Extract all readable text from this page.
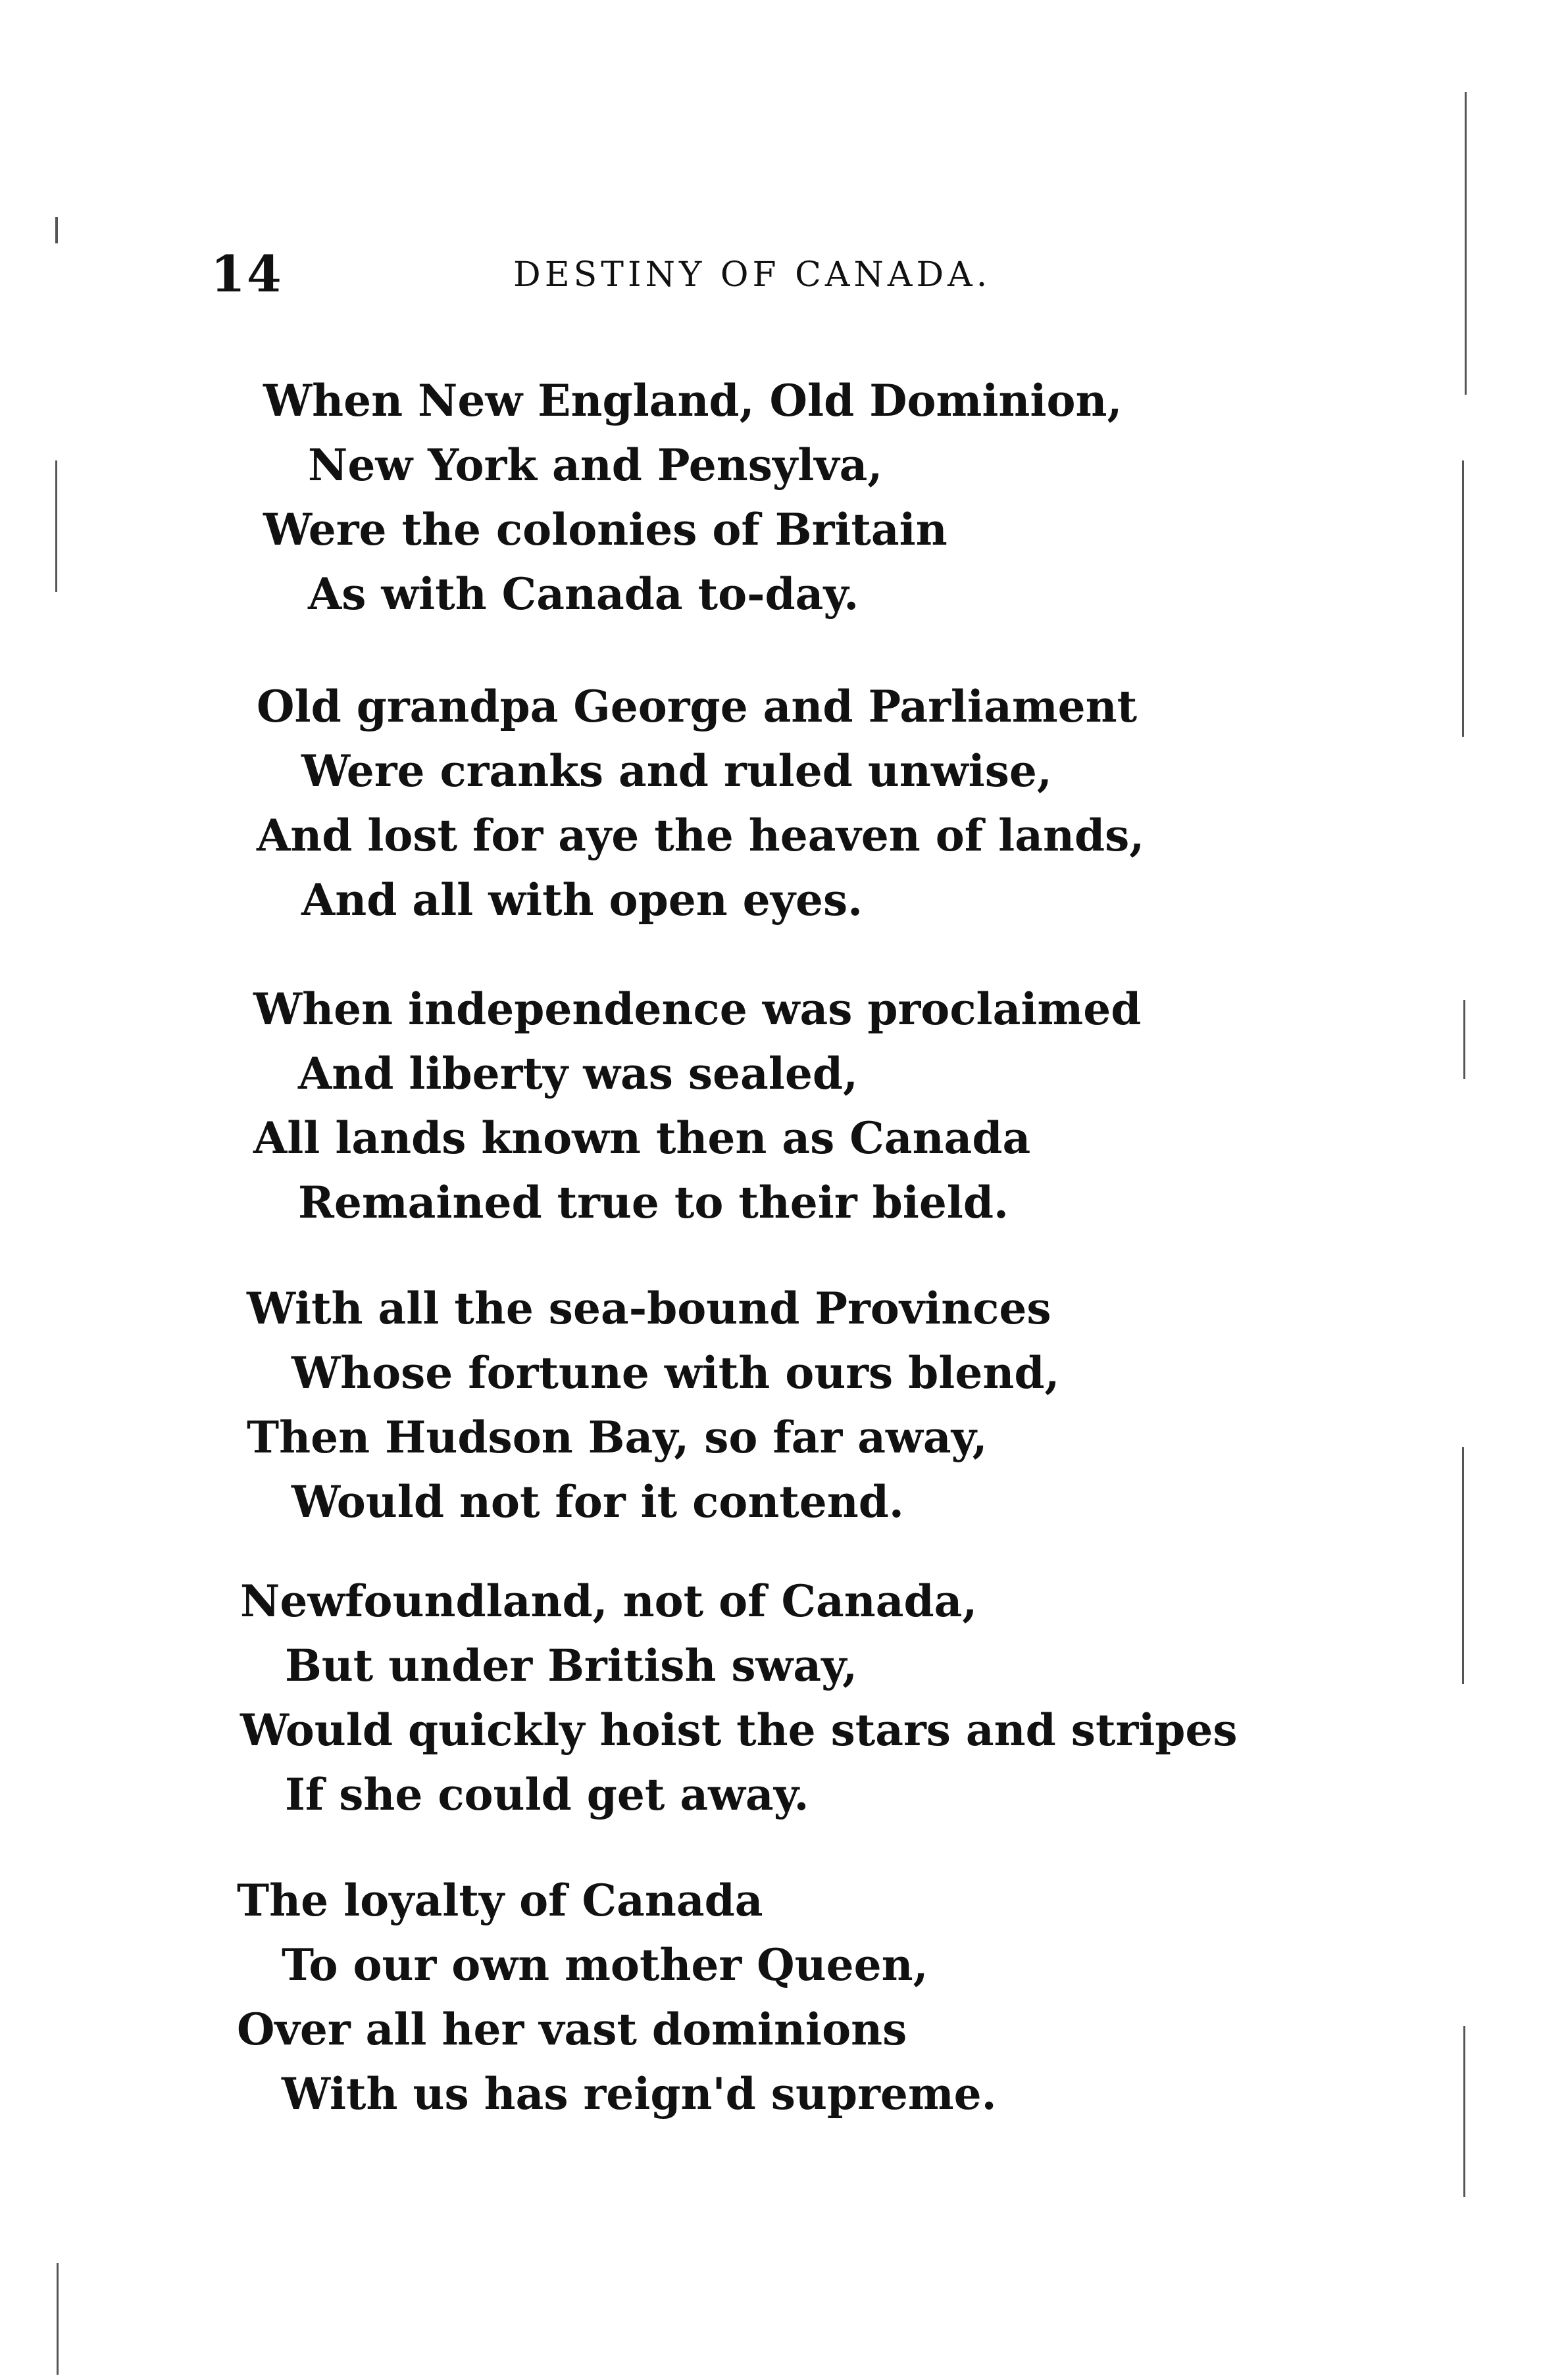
14	DESTINY OF CANADA.
When New England, Old Dominion,
New York and Pensylva,
Were the colonies of Britain
As with Canada to-day.
Old grandpa George and Parliament
Were cranks and ruled unwise,
And lost for aye the heaven of lands,
And all with open eyes.
When independence was proclaimed
And liberty was sealed,
All lands known then as Canada
Remained true to their bield.
With all the sea-bound Provinces
Whose fortune with ours blend,
Then Hudson Bay, so far away,
Would not for it contend.
Newfoundland, not of Canada,
But under British sway,
Would quickly hoist the stars and stripes
If she could get away.
The loyalty of Canada
To our own mother Queen,
Over all her vast dominions
With us has reign'd supreme.
